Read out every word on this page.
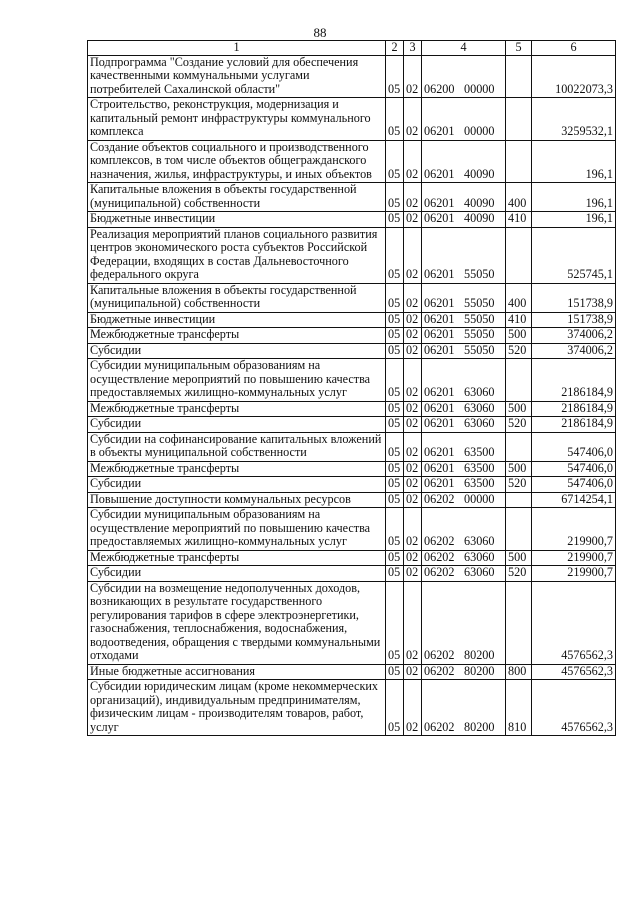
88
1	2	3	4	5	6
Подпрограмма "Создание условий для обеспечения качественными коммунальными услугами потребителей Сахалинской области"	05	02	06200 00000		10022073,3
Строительство, реконструкция, модернизация и капитальный ремонт инфраструктуры коммунального комплекса	05	02	06201 00000		3259532,1
Создание объектов социального и производственного комплексов, в том числе объектов общегражданского назначения, жилья, инфраструктуры, и иных объектов	05	02	06201 40090		196,1
Капитальные вложения в объекты государственной (муниципальной) собственности	05	02	06201 40090	400	196,1
Бюджетные инвестиции	05	02	06201 40090	410	196,1
Реализация мероприятий планов социального развития центров экономического роста субъектов Российской Федерации, входящих в состав Дальневосточного федерального округа	05	02	06201 55050		525745,1
Капитальные вложения в объекты государственной (муниципальной) собственности	05	02	06201 55050	400	151738,9
Бюджетные инвестиции	05	02	06201 55050	410	151738,9
Межбюджетные трансферты	05	02	06201 55050	500	374006,2
Субсидии	05	02	06201 55050	520	374006,2
Субсидии муниципальным образованиям на осуществление мероприятий по повышению качества предоставляемых жилищно-коммунальных услуг	05	02	06201 63060		2186184,9
Межбюджетные трансферты	05	02	06201 63060	500	2186184,9
Субсидии	05	02	06201 63060	520	2186184,9
Субсидии на софинансирование капитальных вложений в объекты муниципальной собственности	05	02	06201 63500		547406,0
Межбюджетные трансферты	05	02	06201 63500	500	547406,0
Субсидии	05	02	06201 63500	520	547406,0
Повышение доступности коммунальных ресурсов	05	02	06202 00000		6714254,1
Субсидии муниципальным образованиям на осуществление мероприятий по повышению качества предоставляемых жилищно-коммунальных услуг	05	02	06202 63060		219900,7
Межбюджетные трансферты	05	02	06202 63060	500	219900,7
Субсидии	05	02	06202 63060	520	219900,7
Субсидии на возмещение недополученных доходов, возникающих в результате государственного регулирования тарифов в сфере электроэнергетики, газоснабжения, теплоснабжения, водоснабжения, водоотведения, обращения с твердыми коммунальными отходами	05	02	06202 80200		4576562,3
Иные бюджетные ассигнования	05	02	06202 80200	800	4576562,3
Субсидии юридическим лицам (кроме некоммерческих организаций), индивидуальным предпринимателям, физическим лицам - производителям товаров, работ, услуг	05	02	06202 80200	810	4576562,3
